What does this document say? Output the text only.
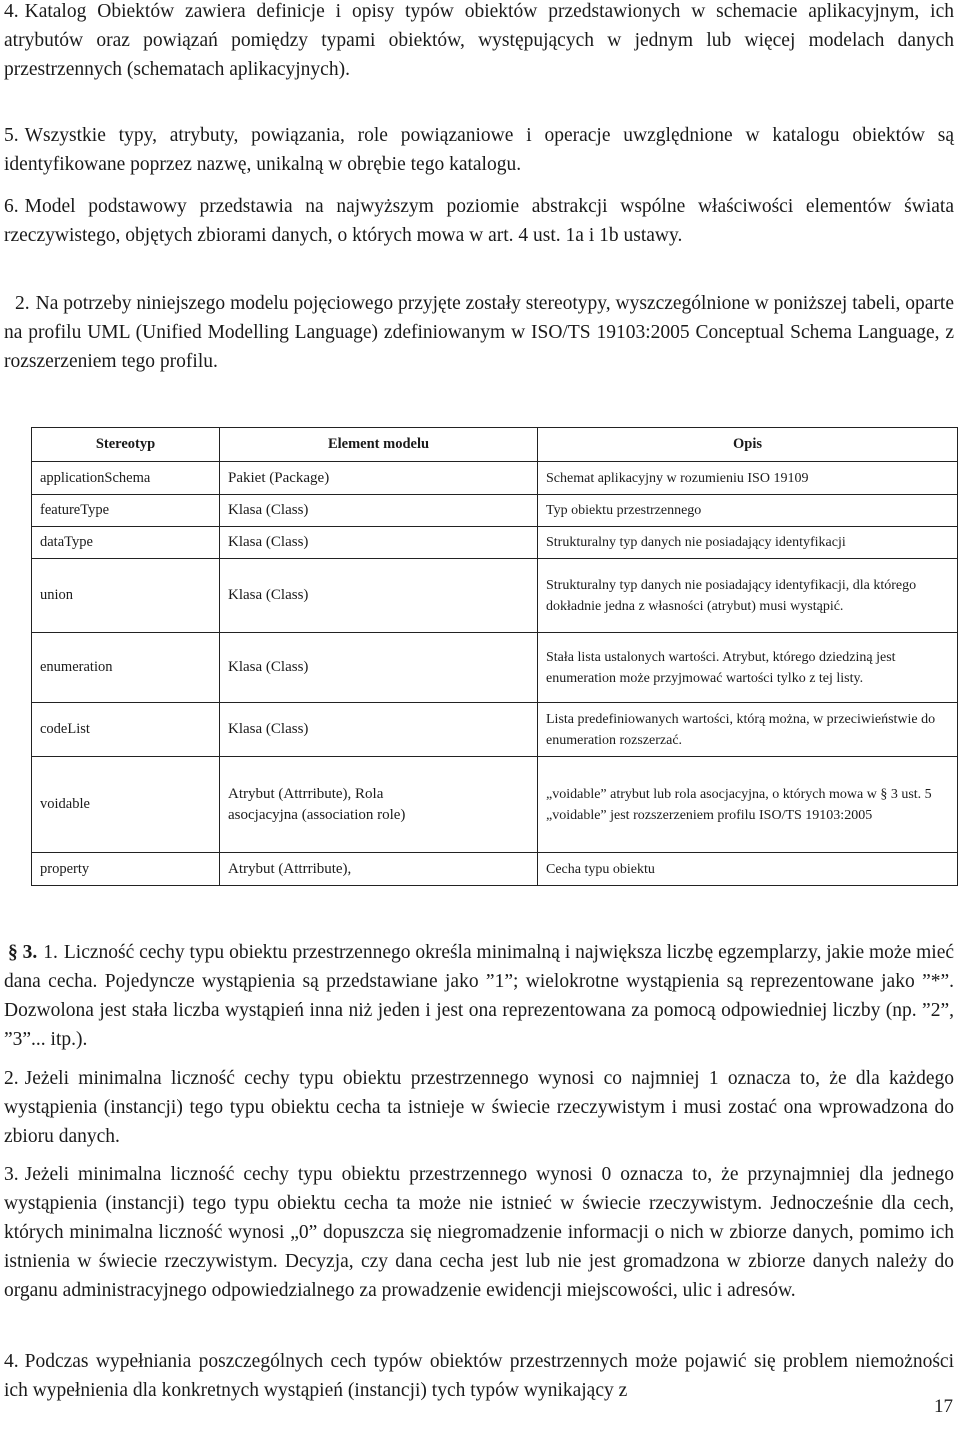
4. Katalog Obiektów zawiera definicje i opisy typów obiektów przedstawionych w schemacie aplikacyjnym, ich atrybutów oraz powiązań pomiędzy typami obiektów, występujących w jednym lub więcej modelach danych przestrzennych (schematach aplikacyjnych).

5. Wszystkie typy, atrybuty, powiązania, role powiązaniowe i operacje uwzględnione w katalogu obiektów są identyfikowane poprzez nazwę, unikalną w obrębie tego katalogu.

6. Model podstawowy przedstawia na najwyższym poziomie abstrakcji wspólne właściwości elementów świata rzeczywistego, objętych zbiorami danych, o których mowa w art. 4 ust. 1a i 1b ustawy.

2. Na potrzeby niniejszego modelu pojęciowego przyjęte zostały stereotypy, wyszczególnione w poniższej tabeli, oparte na profilu UML (Unified Modelling Language) zdefiniowanym w ISO/TS 19103:2005 Conceptual Schema Language, z rozszerzeniem tego profilu.

Stereotyp	Element modelu	Opis
applicationSchema	Pakiet (Package)	Schemat aplikacyjny w rozumieniu ISO 19109
featureType	Klasa (Class)	Typ obiektu przestrzennego
dataType	Klasa (Class)	Strukturalny typ danych nie posiadający identyfikacji
union	Klasa (Class)	Strukturalny typ danych nie posiadający identyfikacji, dla którego dokładnie jedna z własności (atrybut) musi wystąpić.
enumeration	Klasa (Class)	Stała lista ustalonych wartości. Atrybut, którego dziedziną jest enumeration może przyjmować wartości tylko z tej listy.
codeList	Klasa (Class)	Lista predefiniowanych wartości, którą można, w przeciwieństwie do enumeration rozszerzać.
voidable	Atrybut (Attrribute), Rola asocjacyjna (association role)	„voidable” atrybut lub rola asocjacyjna, o których mowa w § 3 ust. 5 „voidable” jest rozszerzeniem profilu ISO/TS 19103:2005
property	Atrybut (Attrribute),	Cecha typu obiektu

§ 3. 1. Liczność cechy typu obiektu przestrzennego określa minimalną i największa liczbę egzemplarzy, jakie może mieć dana cecha. Pojedyncze wystąpienia są przedstawiane jako ”1”; wielokrotne wystąpienia są reprezentowane jako ”*”. Dozwolona jest stała liczba wystąpień inna niż jeden i jest ona reprezentowana za pomocą odpowiedniej liczby (np. ”2”, ”3”... itp.).

2. Jeżeli minimalna liczność cechy typu obiektu przestrzennego wynosi co najmniej 1 oznacza to, że dla każdego wystąpienia (instancji) tego typu obiektu cecha ta istnieje w świecie rzeczywistym i musi zostać ona wprowadzona do zbioru danych.

3. Jeżeli minimalna liczność cechy typu obiektu przestrzennego wynosi 0 oznacza to, że przynajmniej dla jednego wystąpienia (instancji) tego typu obiektu cecha ta może nie istnieć w świecie rzeczywistym. Jednocześnie dla cech, których minimalna liczność wynosi „0” dopuszcza się niegromadzenie informacji o nich w zbiorze danych, pomimo ich istnienia w świecie rzeczywistym. Decyzja, czy dana cecha jest lub nie jest gromadzona w zbiorze danych należy do organu administracyjnego odpowiedzialnego za prowadzenie ewidencji miejscowości, ulic i adresów.

4. Podczas wypełniania poszczególnych cech typów obiektów przestrzennych może pojawić się problem niemożności ich wypełnienia dla konkretnych wystąpień (instancji) tych typów wynikający z

17
